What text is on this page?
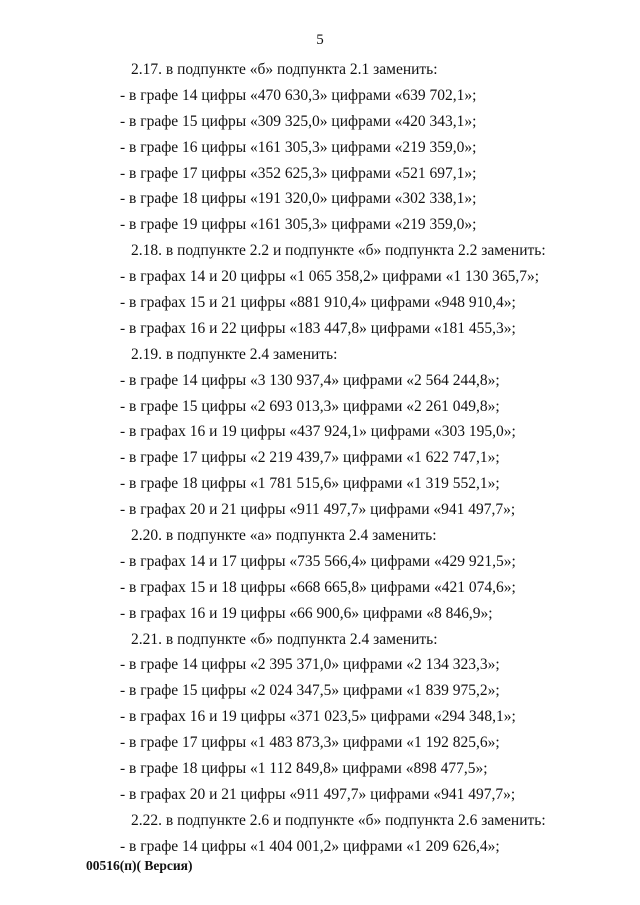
5
2.17. в подпункте «б» подпункта 2.1 заменить:
- в графе 14 цифры «470 630,3» цифрами «639 702,1»;
- в графе 15 цифры «309 325,0» цифрами «420 343,1»;
- в графе 16 цифры «161 305,3» цифрами «219 359,0»;
- в графе 17 цифры «352 625,3» цифрами «521 697,1»;
- в графе 18 цифры «191 320,0» цифрами «302 338,1»;
- в графе 19 цифры «161 305,3» цифрами «219 359,0»;
2.18. в подпункте 2.2 и подпункте «б» подпункта 2.2 заменить:
- в графах 14 и 20 цифры «1 065 358,2» цифрами «1 130 365,7»;
- в графах 15 и 21 цифры «881 910,4» цифрами «948 910,4»;
- в графах 16 и 22 цифры «183 447,8» цифрами «181 455,3»;
2.19. в подпункте 2.4 заменить:
- в графе 14 цифры «3 130 937,4» цифрами «2 564 244,8»;
- в графе 15 цифры «2 693 013,3» цифрами «2 261 049,8»;
- в графах 16 и 19 цифры «437 924,1» цифрами «303 195,0»;
- в графе 17 цифры «2 219 439,7» цифрами «1 622 747,1»;
- в графе 18 цифры «1 781 515,6» цифрами «1 319 552,1»;
- в графах 20 и 21 цифры «911 497,7» цифрами «941 497,7»;
2.20. в подпункте «а» подпункта 2.4 заменить:
- в графах 14 и 17 цифры «735 566,4» цифрами «429 921,5»;
- в графах 15 и 18 цифры «668 665,8» цифрами «421 074,6»;
- в графах 16 и 19 цифры «66 900,6» цифрами «8 846,9»;
2.21. в подпункте «б» подпункта 2.4 заменить:
- в графе 14 цифры «2 395 371,0» цифрами «2 134 323,3»;
- в графе 15 цифры «2 024 347,5» цифрами «1 839 975,2»;
- в графах 16 и 19 цифры «371 023,5» цифрами «294 348,1»;
- в графе 17 цифры «1 483 873,3» цифрами «1 192 825,6»;
- в графе 18 цифры «1 112 849,8» цифрами «898 477,5»;
- в графах 20 и 21 цифры «911 497,7» цифрами «941 497,7»;
2.22. в подпункте 2.6 и подпункте «б» подпункта 2.6 заменить:
- в графе 14 цифры «1 404 001,2» цифрами «1 209 626,4»;
00516(п)( Версия)
